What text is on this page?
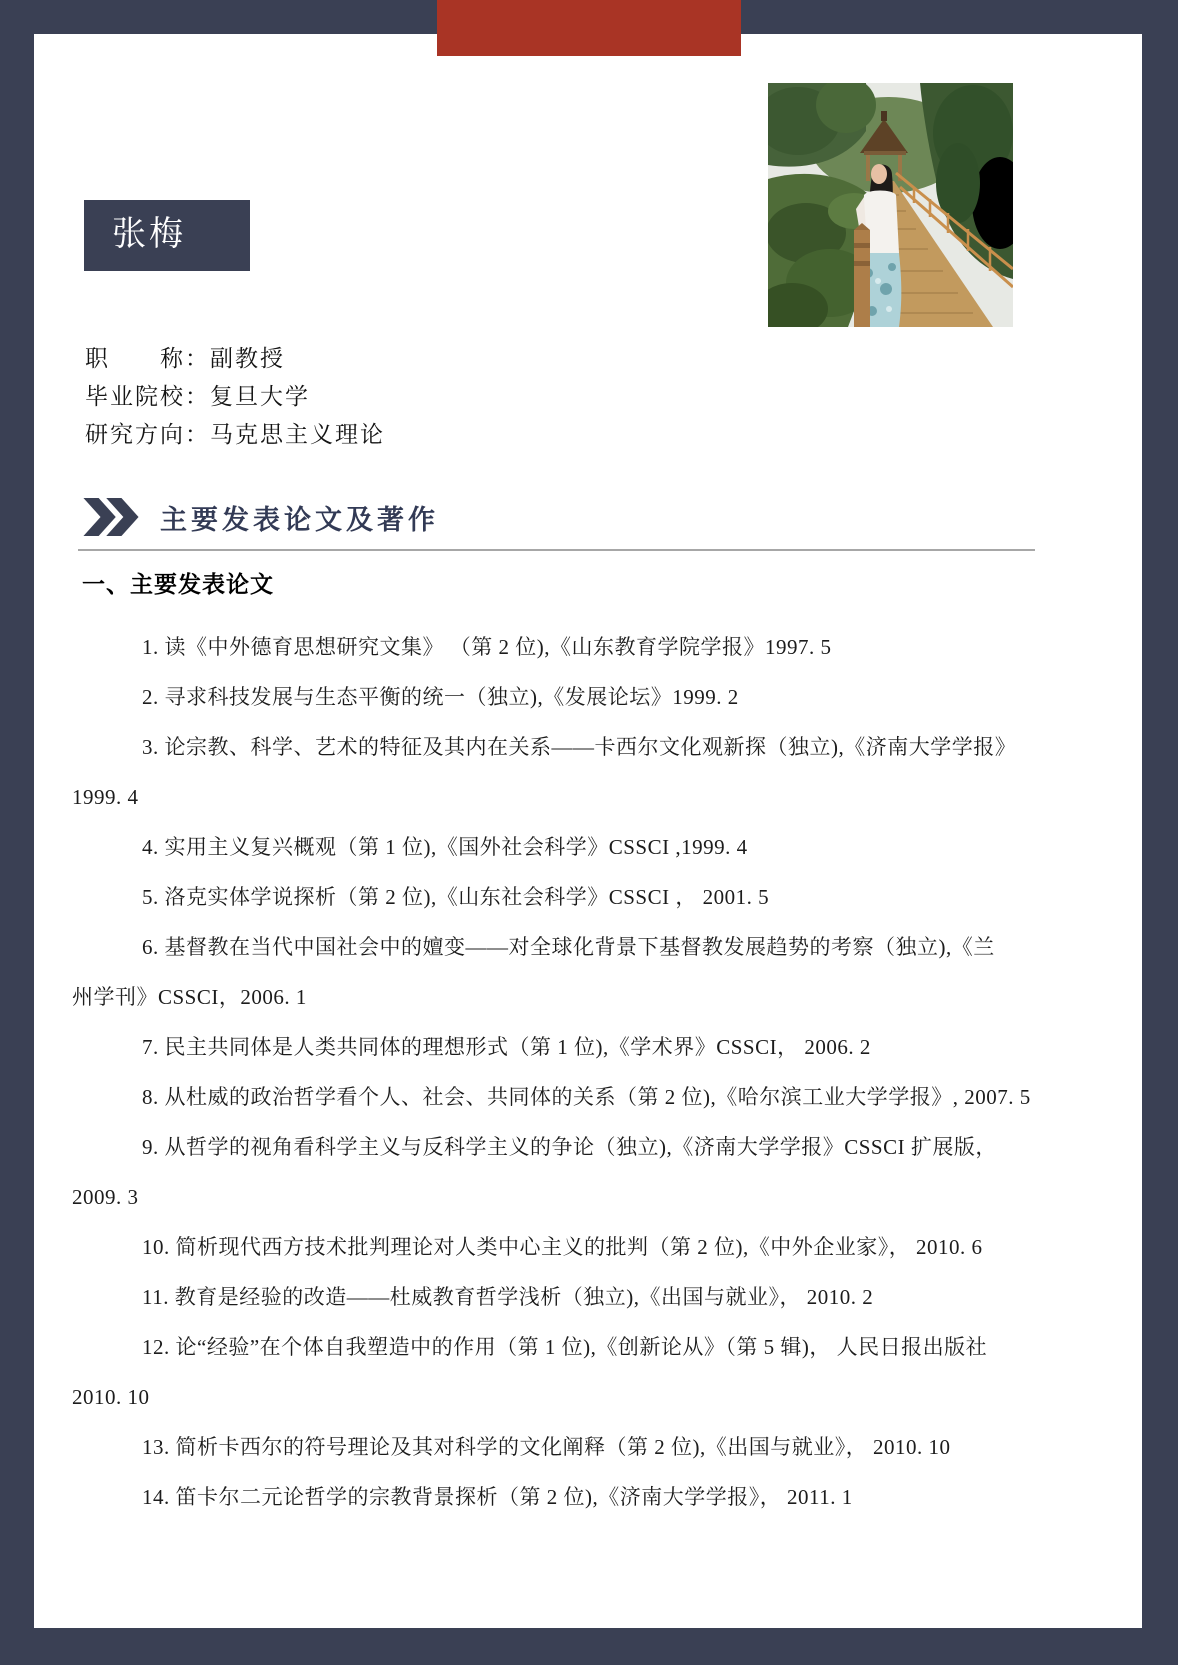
张梅
职　　称：副教授
毕业院校：复旦大学
研究方向：马克思主义理论
主要发表论文及著作
一、主要发表论文
1. 读《中外德育思想研究文集》 （第 2 位),《山东教育学院学报》1997. 5
2. 寻求科技发展与生态平衡的统一（独立),《发展论坛》1999. 2
3. 论宗教、科学、艺术的特征及其内在关系——卡西尔文化观新探（独立),《济南大学学报》
1999. 4
4. 实用主义复兴概观（第 1 位),《国外社会科学》CSSCI ,1999. 4
5. 洛克实体学说探析（第 2 位),《山东社会科学》CSSCI ， 2001. 5
6. 基督教在当代中国社会中的嬗变——对全球化背景下基督教发展趋势的考察（独立),《兰
州学刊》CSSCI，2006. 1
7. 民主共同体是人类共同体的理想形式（第 1 位),《学术界》CSSCI， 2006. 2
8. 从杜威的政治哲学看个人、社会、共同体的关系（第 2 位),《哈尔滨工业大学学报》, 2007. 5
9. 从哲学的视角看科学主义与反科学主义的争论（独立),《济南大学学报》CSSCI 扩展版，
2009. 3
10. 简析现代西方技术批判理论对人类中心主义的批判（第 2 位),《中外企业家》， 2010. 6
11. 教育是经验的改造——杜威教育哲学浅析（独立),《出国与就业》， 2010. 2
12. 论“经验”在个体自我塑造中的作用（第 1 位),《创新论从》（第 5 辑)， 人民日报出版社
2010. 10
13. 简析卡西尔的符号理论及其对科学的文化阐释（第 2 位),《出国与就业》， 2010. 10
14. 笛卡尔二元论哲学的宗教背景探析（第 2 位),《济南大学学报》， 2011. 1
